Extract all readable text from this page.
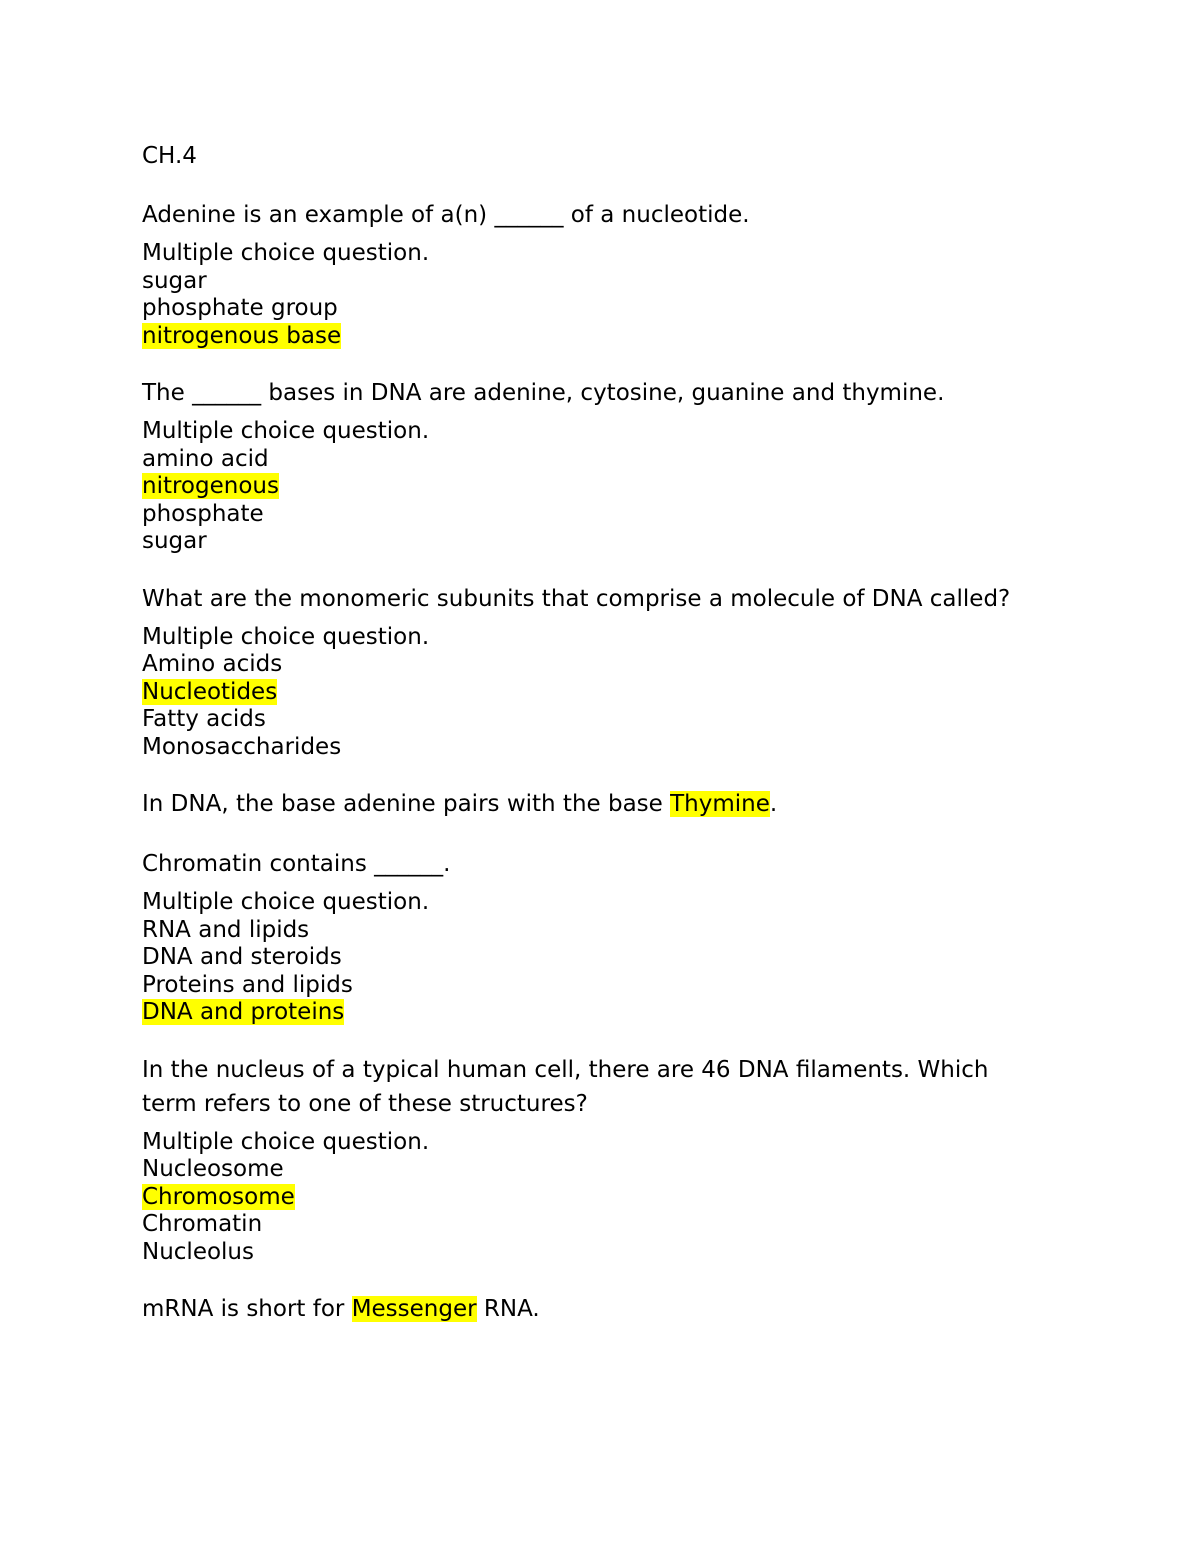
CH.4
Adenine is an example of a(n) ______ of a nucleotide.
Multiple choice question.
sugar
phosphate group
nitrogenous base
The ______ bases in DNA are adenine, cytosine, guanine and thymine.
Multiple choice question.
amino acid
nitrogenous
phosphate
sugar
What are the monomeric subunits that comprise a molecule of DNA called?
Multiple choice question.
Amino acids
Nucleotides
Fatty acids
Monosaccharides
In DNA, the base adenine pairs with the base Thymine.
Chromatin contains ______.
Multiple choice question.
RNA and lipids
DNA and steroids
Proteins and lipids
DNA and proteins
In the nucleus of a typical human cell, there are 46 DNA filaments. Which term refers to one of these structures?
Multiple choice question.
Nucleosome
Chromosome
Chromatin
Nucleolus
mRNA is short for Messenger RNA.
